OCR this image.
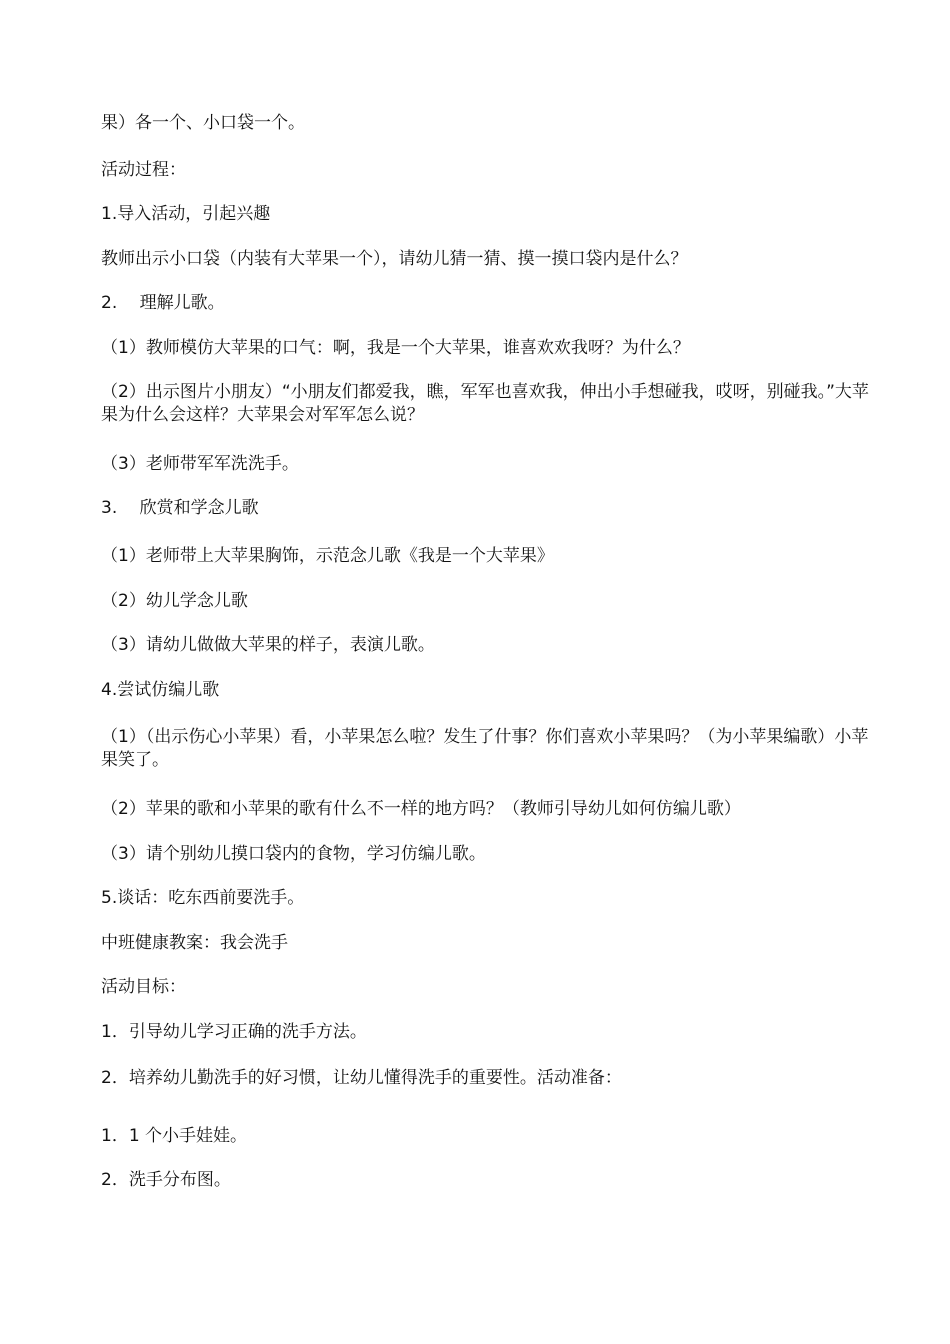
果）各一个、小口袋一个。
活动过程：
1.导入活动，引起兴趣
教师出示小口袋（内装有大苹果一个），请幼儿猜一猜、摸一摸口袋内是什么？
2.　 理解儿歌。
（1）教师模仿大苹果的口气：啊，我是一个大苹果，谁喜欢欢我呀？为什么？
（2）出示图片小朋友）“小朋友们都爱我，瞧，军军也喜欢我，伸出小手想碰我，哎呀，别碰我。”大苹果为什么会这样？大苹果会对军军怎么说？
（3）老师带军军洗洗手。
3.　 欣赏和学念儿歌
（1）老师带上大苹果胸饰，示范念儿歌《我是一个大苹果》
（2）幼儿学念儿歌
（3）请幼儿做做大苹果的样子，表演儿歌。
4.尝试仿编儿歌
（1）（出示伤心小苹果）看，小苹果怎么啦？发生了什事？你们喜欢小苹果吗？（为小苹果编歌）小苹果笑了。
（2）苹果的歌和小苹果的歌有什么不一样的地方吗？（教师引导幼儿如何仿编儿歌）
（3）请个别幼儿摸口袋内的食物，学习仿编儿歌。
5.谈话：吃东西前要洗手。
中班健康教案：我会洗手
活动目标：
1．引导幼儿学习正确的洗手方法。
2．培养幼儿勤洗手的好习惯，让幼儿懂得洗手的重要性。活动准备：
1．1 个小手娃娃。
2．洗手分布图。
